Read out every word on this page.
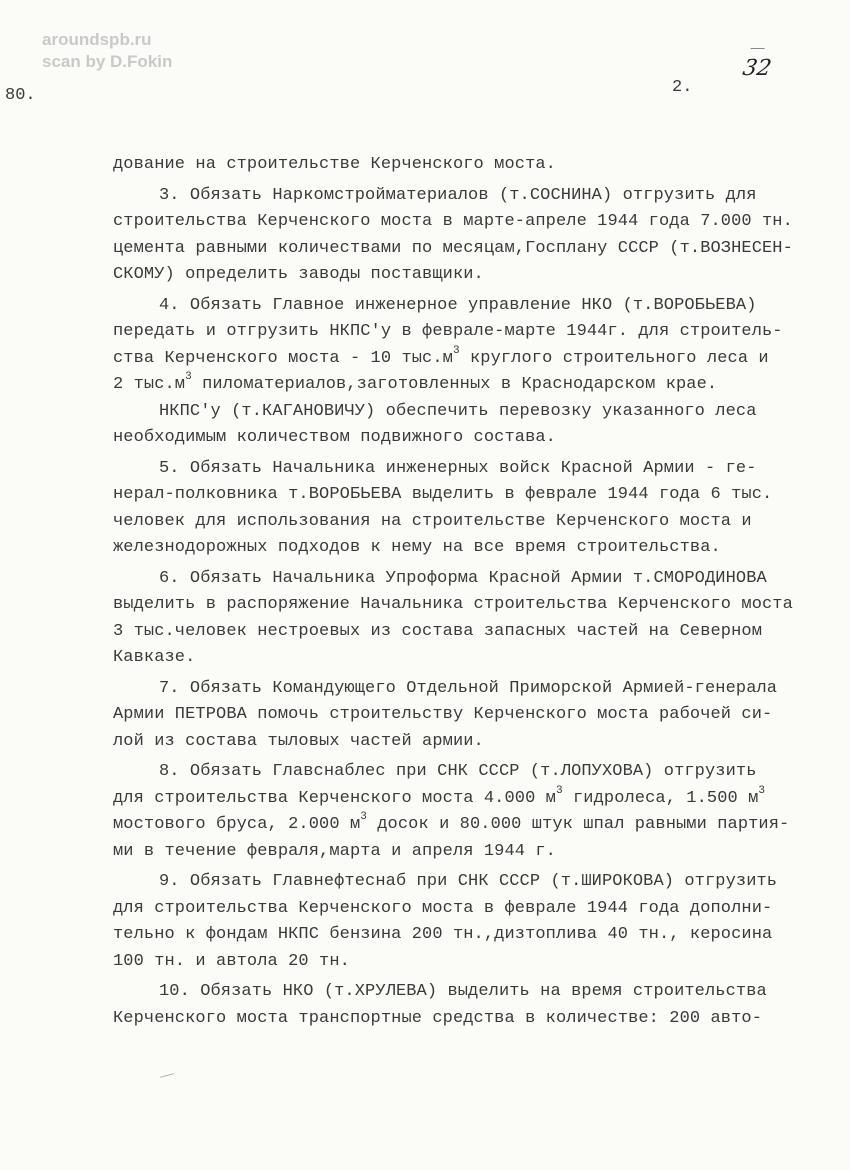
aroundspb.ru
scan by D.Fokin
80.	2.
32
дование на строительстве Керченского моста.
3. Обязать Наркомстройматериалов (т.СОСНИНА) отгрузить для
строительства Керченского моста в марте-апреле 1944 года 7.000 тн.
цемента равными количествами по месяцам,Госплану СССР (т.ВОЗНЕСЕН-
СКОМУ) определить заводы поставщики.
4. Обязать Главное инженерное управление НКО (т.ВОРОБЬЕВА)
передать и отгрузить НКПС'у в феврале-марте 1944г. для строитель-
ства Керченского моста - 10 $тыс.м^3$ круглого строительного леса и
2 $тыс.м^3$ пиломатериалов,заготовленных в Краснодарском крае.
НКПС'у (т.КАГАНОВИЧУ) обеспечить перевозку указанного леса
необходимым количеством подвижного состава.
5. Обязать Начальника инженерных войск Красной Армии - ге-
нерал-полковника т.ВОРОБЬЕВА выделить в феврале 1944 года 6 тыс.
человек для использования на строительстве Керченского моста и
железнодорожных подходов к нему на все время строительства.
6. Обязать Начальника Упроформа Красной Армии т.СМОРОДИНОВА
выделить в распоряжение Начальника строительства Керченского моста
3 тыс.человек нестроевых из состава запасных частей на Северном
Кавказе.
7. Обязать Командующего Отдельной Приморской Армией-генерала
Армии ПЕТРОВА помочь строительству Керченского моста рабочей си-
лой из состава тыловых частей армии.
8. Обязать Главснаблес при СНК СССР (т.ЛОПУХОВА) отгрузить
для строительства Керченского моста 4.000 $м^3$ гидролеса, 1.500 $м^3$
мостового бруса, 2.000 $м^3$ досок и 80.000 штук шпал равными партия-
ми в течение февраля,марта и апреля 1944 г.
9. Обязать Главнефтеснаб при СНК СССР (т.ШИРОКОВА) отгрузить
для строительства Керченского моста в феврале 1944 года дополни-
тельно к фондам НКПС бензина 200 тн.,дизтоплива 40 тн., керосина
100 тн. и автола 20 тн.
10. Обязать НКО (т.ХРУЛЕВА) выделить на время строительства
Керченского моста транспортные средства в количестве: 200 авто-
